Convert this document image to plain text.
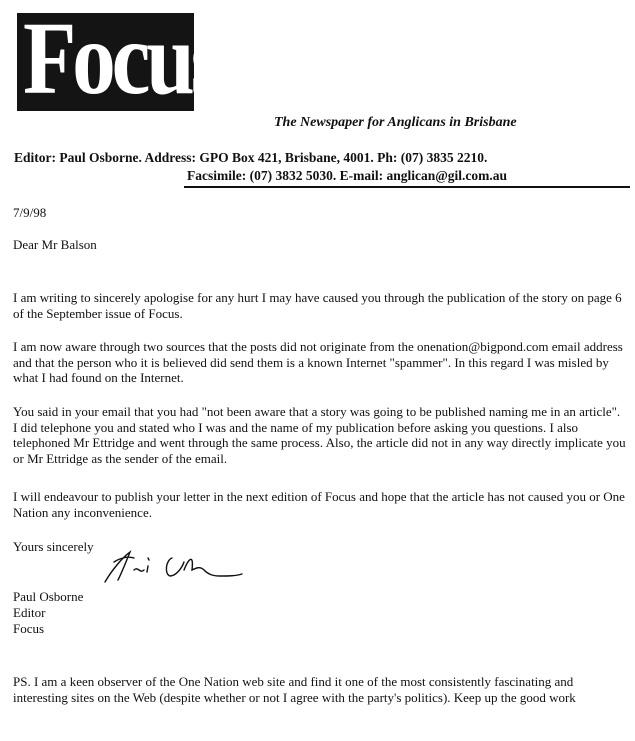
Focus
The Newspaper for Anglicans in Brisbane
Editor: Paul Osborne. Address: GPO Box 421, Brisbane, 4001. Ph: (07) 3835 2210.
Facsimile: (07) 3832 5030. E-mail: anglican@gil.com.au
7/9/98
Dear Mr Balson
I am writing to sincerely apologise for any hurt I may have caused you through the publication of the story on page 6 of the September issue of Focus.
I am now aware through two sources that the posts did not originate from the onenation@bigpond.com email address and that the person who it is believed did send them is a known Internet "spammer". In this regard I was misled by what I had found on the Internet.
You said in your email that you had "not been aware that a story was going to be published naming me in an article". I did telephone you and stated who I was and the name of my publication before asking you questions. I also telephoned Mr Ettridge and went through the same process. Also, the article did not in any way directly implicate you or Mr Ettridge as the sender of the email.
I will endeavour to publish your letter in the next edition of Focus and hope that the article has not caused you or One Nation any inconvenience.
Yours sincerely
Paul Osborne
Editor
Focus
PS. I am a keen observer of the One Nation web site and find it one of the most consistently fascinating and interesting sites on the Web (despite whether or not I agree with the party's politics). Keep up the good work
